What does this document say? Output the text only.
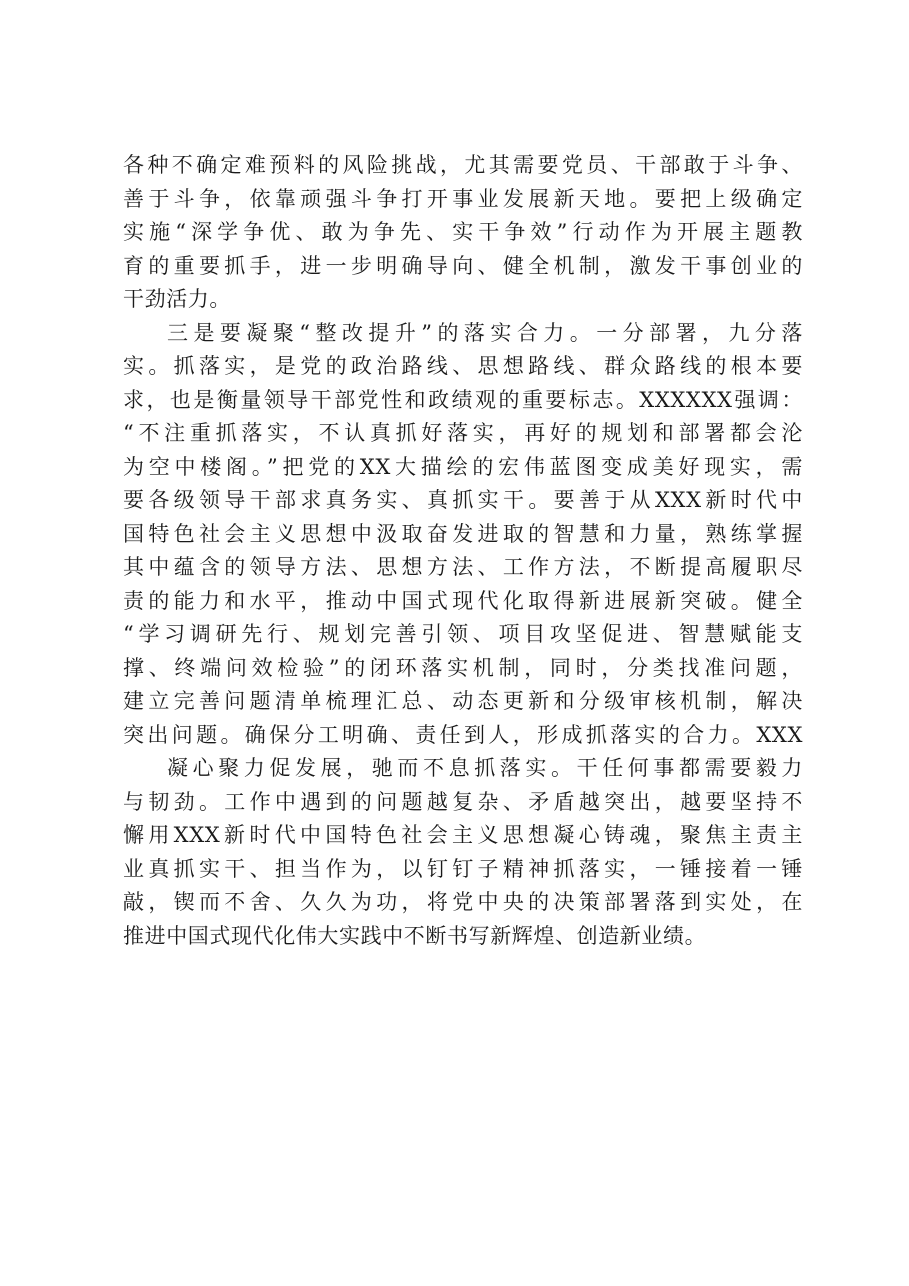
各种不确定难预料的风险挑战，尤其需要党员、干部敢于斗争、
善于斗争，依靠顽强斗争打开事业发展新天地。要把上级确定
实施“深学争优、敢为争先、实干争效”行动作为开展主题教
育的重要抓手，进一步明确导向、健全机制，激发干事创业的
干劲活力。
三是要凝聚“整改提升”的落实合力。一分部署，九分落
实。抓落实，是党的政治路线、思想路线、群众路线的根本要
求，也是衡量领导干部党性和政绩观的重要标志。XXXXXX强调：
“不注重抓落实，不认真抓好落实，再好的规划和部署都会沦
为空中楼阁。”把党的XX大描绘的宏伟蓝图变成美好现实，需
要各级领导干部求真务实、真抓实干。要善于从XXX新时代中
国特色社会主义思想中汲取奋发进取的智慧和力量，熟练掌握
其中蕴含的领导方法、思想方法、工作方法，不断提高履职尽
责的能力和水平，推动中国式现代化取得新进展新突破。健全
“学习调研先行、规划完善引领、项目攻坚促进、智慧赋能支
撑、终端问效检验”的闭环落实机制，同时，分类找准问题，
建立完善问题清单梳理汇总、动态更新和分级审核机制，解决
突出问题。确保分工明确、责任到人，形成抓落实的合力。XXX
凝心聚力促发展，驰而不息抓落实。干任何事都需要毅力
与韧劲。工作中遇到的问题越复杂、矛盾越突出，越要坚持不
懈用XXX新时代中国特色社会主义思想凝心铸魂，聚焦主责主
业真抓实干、担当作为，以钉钉子精神抓落实，一锤接着一锤
敲，锲而不舍、久久为功，将党中央的决策部署落到实处，在
推进中国式现代化伟大实践中不断书写新辉煌、创造新业绩。
